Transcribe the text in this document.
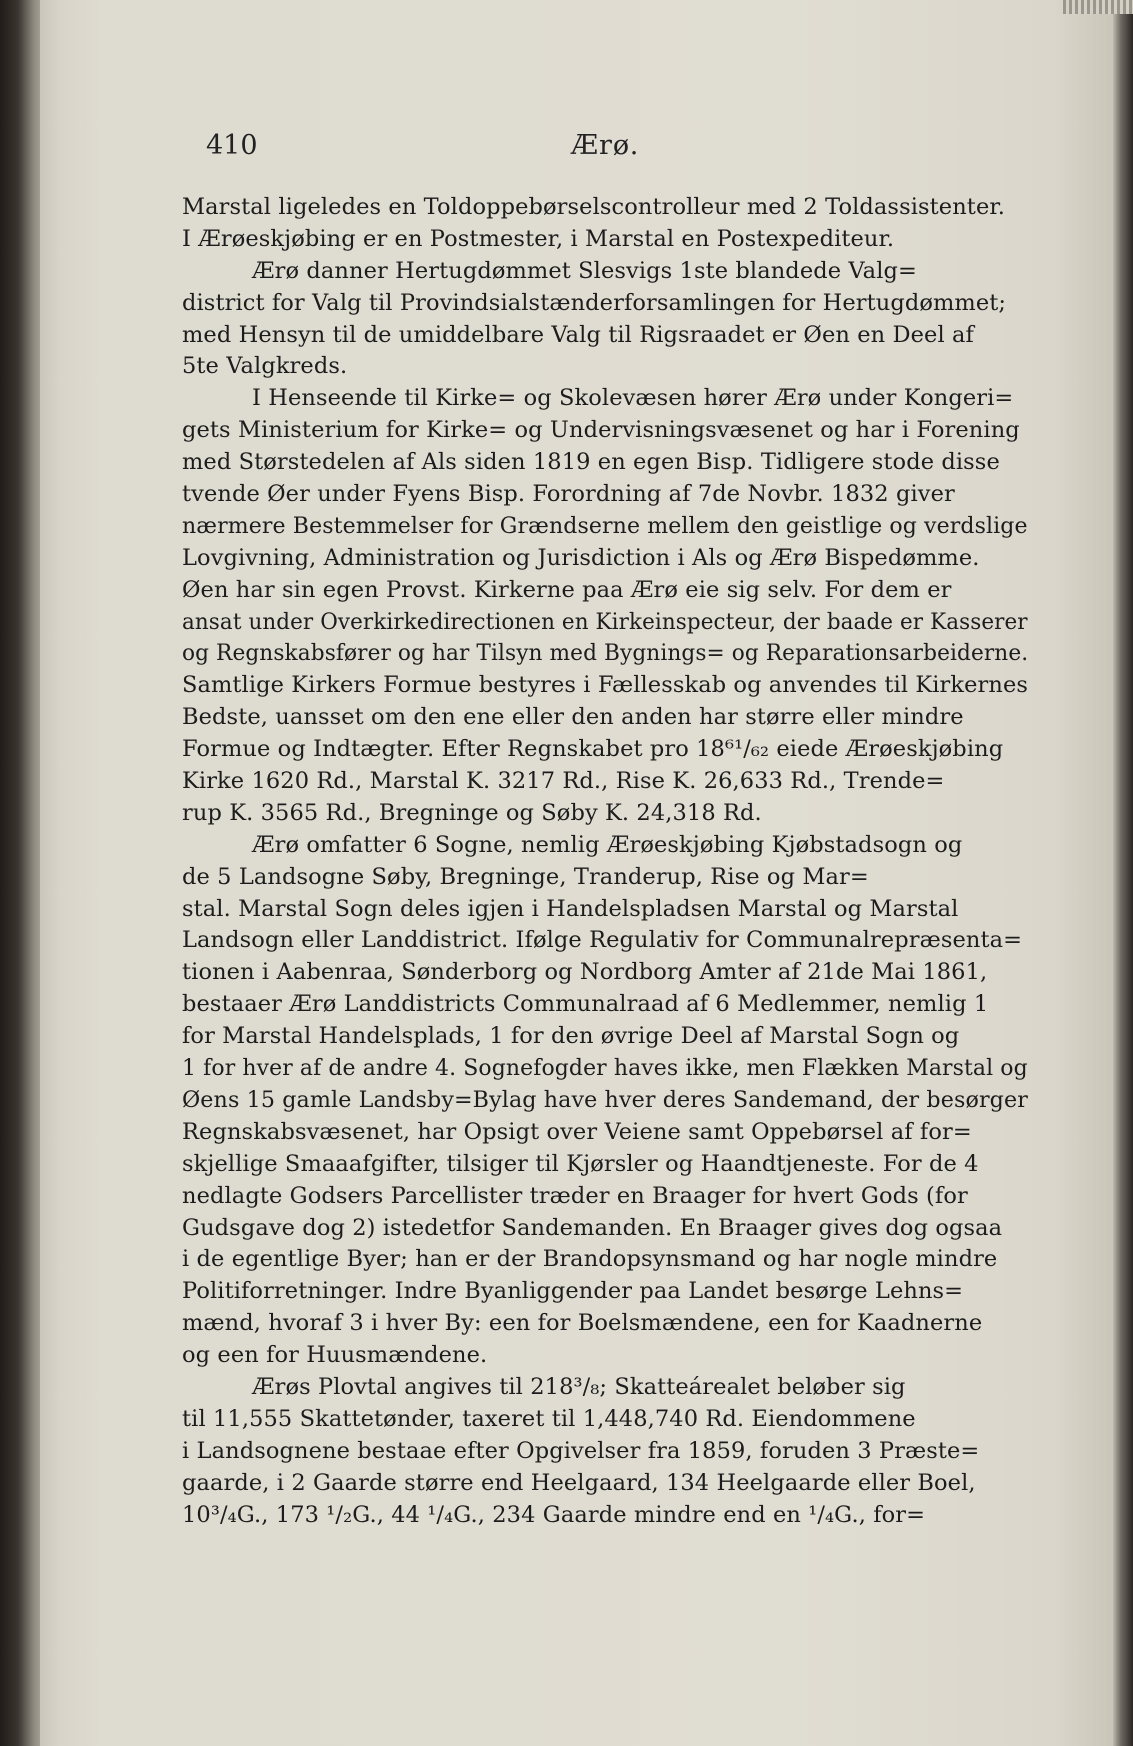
410	Ærø.
Marstal ligeledes en Toldoppebørselscontrolleur med 2 Toldassistenter.
I Ærøeskjøbing er en Postmester, i Marstal en Postexpediteur.
Ærø danner Hertugdømmet Slesvigs 1ste blandede Valg=
district for Valg til Provindsialstænderforsamlingen for Hertugdømmet;
med Hensyn til de umiddelbare Valg til Rigsraadet er Øen en Deel af
5te Valgkreds.
I Henseende til Kirke= og Skolevæsen hører Ærø under Kongeri=
gets Ministerium for Kirke= og Undervisningsvæsenet og har i Forening
med Størstedelen af Als siden 1819 en egen Bisp. Tidligere stode disse
tvende Øer under Fyens Bisp. Forordning af 7de Novbr. 1832 giver
nærmere Bestemmelser for Grændserne mellem den geistlige og verdslige
Lovgivning, Administration og Jurisdiction i Als og Ærø Bispedømme.
Øen har sin egen Provst. Kirkerne paa Ærø eie sig selv. For dem er
ansat under Overkirkedirectionen en Kirkeinspecteur, der baade er Kasserer
og Regnskabsfører og har Tilsyn med Bygnings= og Reparationsarbeiderne.
Samtlige Kirkers Formue bestyres i Fællesskab og anvendes til Kirkernes
Bedste, uansset om den ene eller den anden har større eller mindre
Formue og Indtægter. Efter Regnskabet pro 18⁶¹/₆₂ eiede Ærøeskjøbing
Kirke 1620 Rd., Marstal K. 3217 Rd., Rise K. 26,633 Rd., Trende=
rup K. 3565 Rd., Bregninge og Søby K. 24,318 Rd.
Ærø omfatter 6 Sogne, nemlig Ærøeskjøbing Kjøbstadsogn og
de 5 Landsogne Søby, Bregninge, Tranderup, Rise og Mar=
stal. Marstal Sogn deles igjen i Handelspladsen Marstal og Marstal
Landsogn eller Landdistrict. Ifølge Regulativ for Communalrepræsenta=
tionen i Aabenraa, Sønderborg og Nordborg Amter af 21de Mai 1861,
bestaaer Ærø Landdistricts Communalraad af 6 Medlemmer, nemlig 1
for Marstal Handelsplads, 1 for den øvrige Deel af Marstal Sogn og
1 for hver af de andre 4. Sognefogder haves ikke, men Flækken Marstal og
Øens 15 gamle Landsby=Bylag have hver deres Sandemand, der besørger
Regnskabsvæsenet, har Opsigt over Veiene samt Oppebørsel af for=
skjellige Smaaafgifter, tilsiger til Kjørsler og Haandtjeneste. For de 4
nedlagte Godsers Parcellister træder en Braager for hvert Gods (for
Gudsgave dog 2) istedetfor Sandemanden. En Braager gives dog ogsaa
i de egentlige Byer; han er der Brandopsynsmand og har nogle mindre
Politiforretninger. Indre Byanliggender paa Landet besørge Lehns=
mænd, hvoraf 3 i hver By: een for Boelsmændene, een for Kaadnerne
og een for Huusmændene.
Ærøs Plovtal angives til 218³/₈; Skatteárealet beløber sig
til 11,555 Skattetønder, taxeret til 1,448,740 Rd. Eiendommene
i Landsognene bestaae efter Opgivelser fra 1859, foruden 3 Præste=
gaarde, i 2 Gaarde større end Heelgaard, 134 Heelgaarde eller Boel,
10³/₄G., 173 ¹/₂G., 44 ¹/₄G., 234 Gaarde mindre end en ¹/₄G., for=
